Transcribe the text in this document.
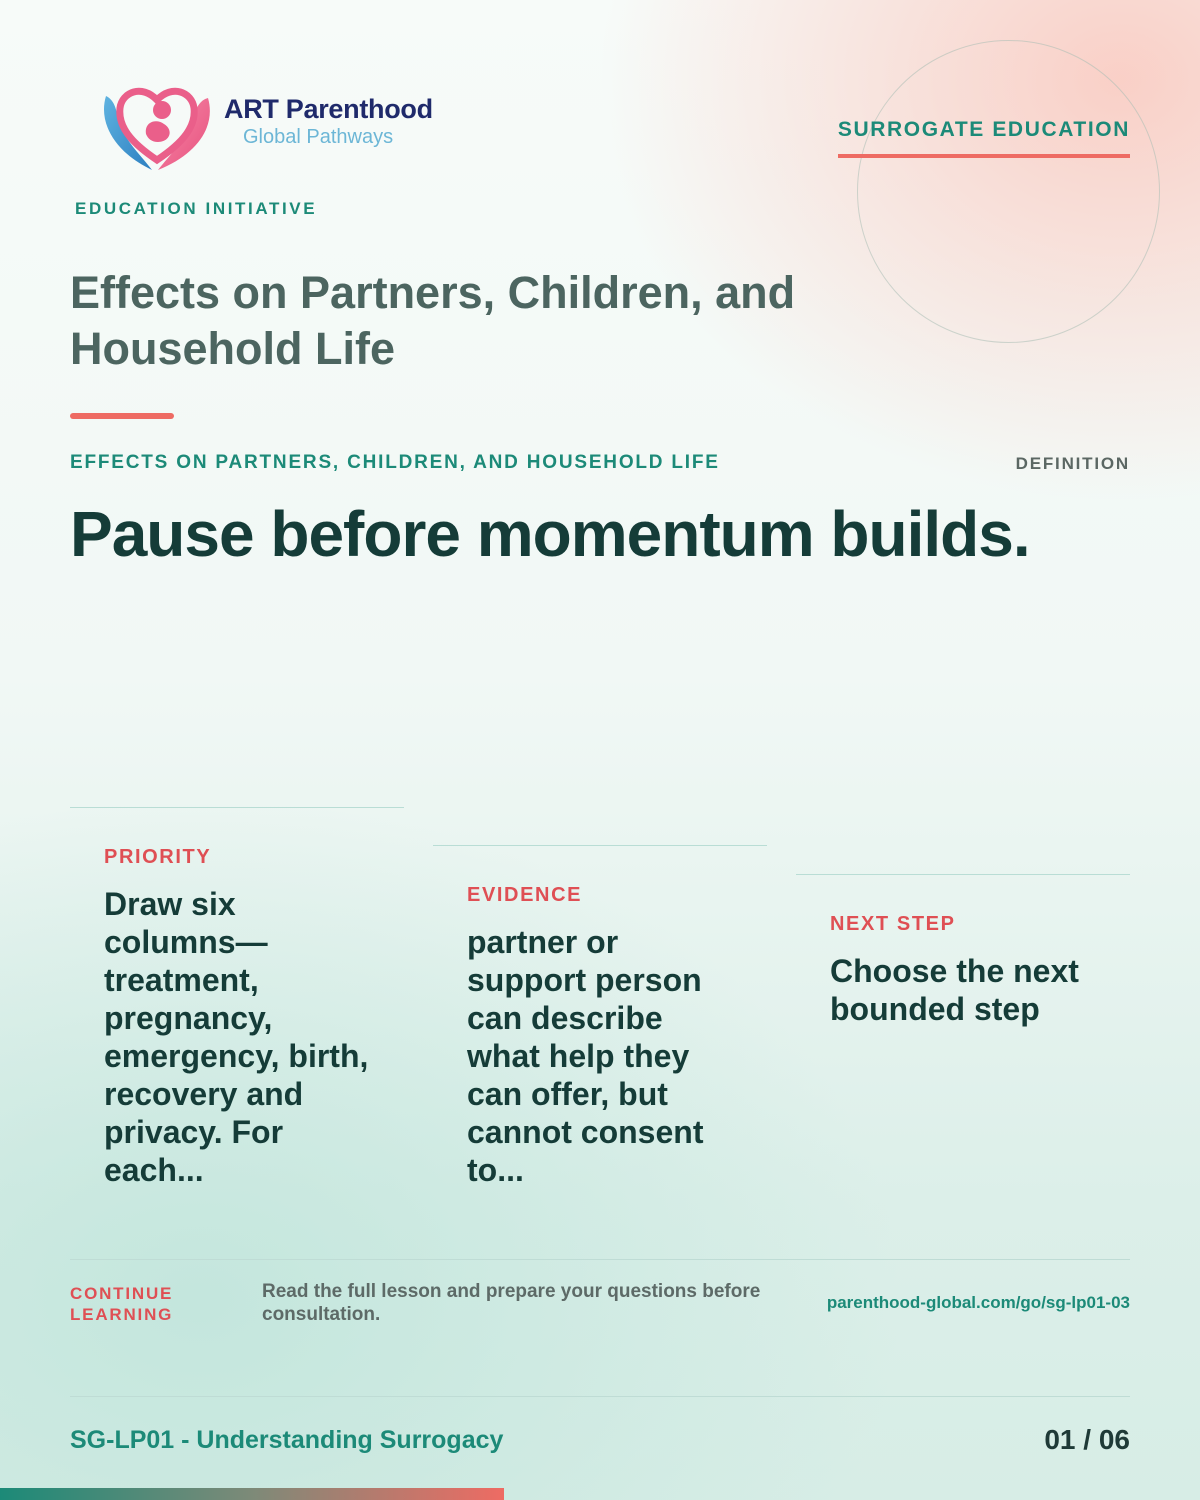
ART Parenthood
Global Pathways
EDUCATION INITIATIVE
SURROGATE EDUCATION
Effects on Partners, Children, and Household Life
EFFECTS ON PARTNERS, CHILDREN, AND HOUSEHOLD LIFE	DEFINITION
Pause before momentum builds.
PRIORITY
Draw six columns—treatment, pregnancy, emergency, birth, recovery and privacy. For each...
EVIDENCE
partner or support person can describe what help they can offer, but cannot consent to...
NEXT STEP
Choose the next bounded step
CONTINUE LEARNING
Read the full lesson and prepare your questions before consultation.
parenthood-global.com/go/sg-lp01-03
SG-LP01 - Understanding Surrogacy	01 / 06
